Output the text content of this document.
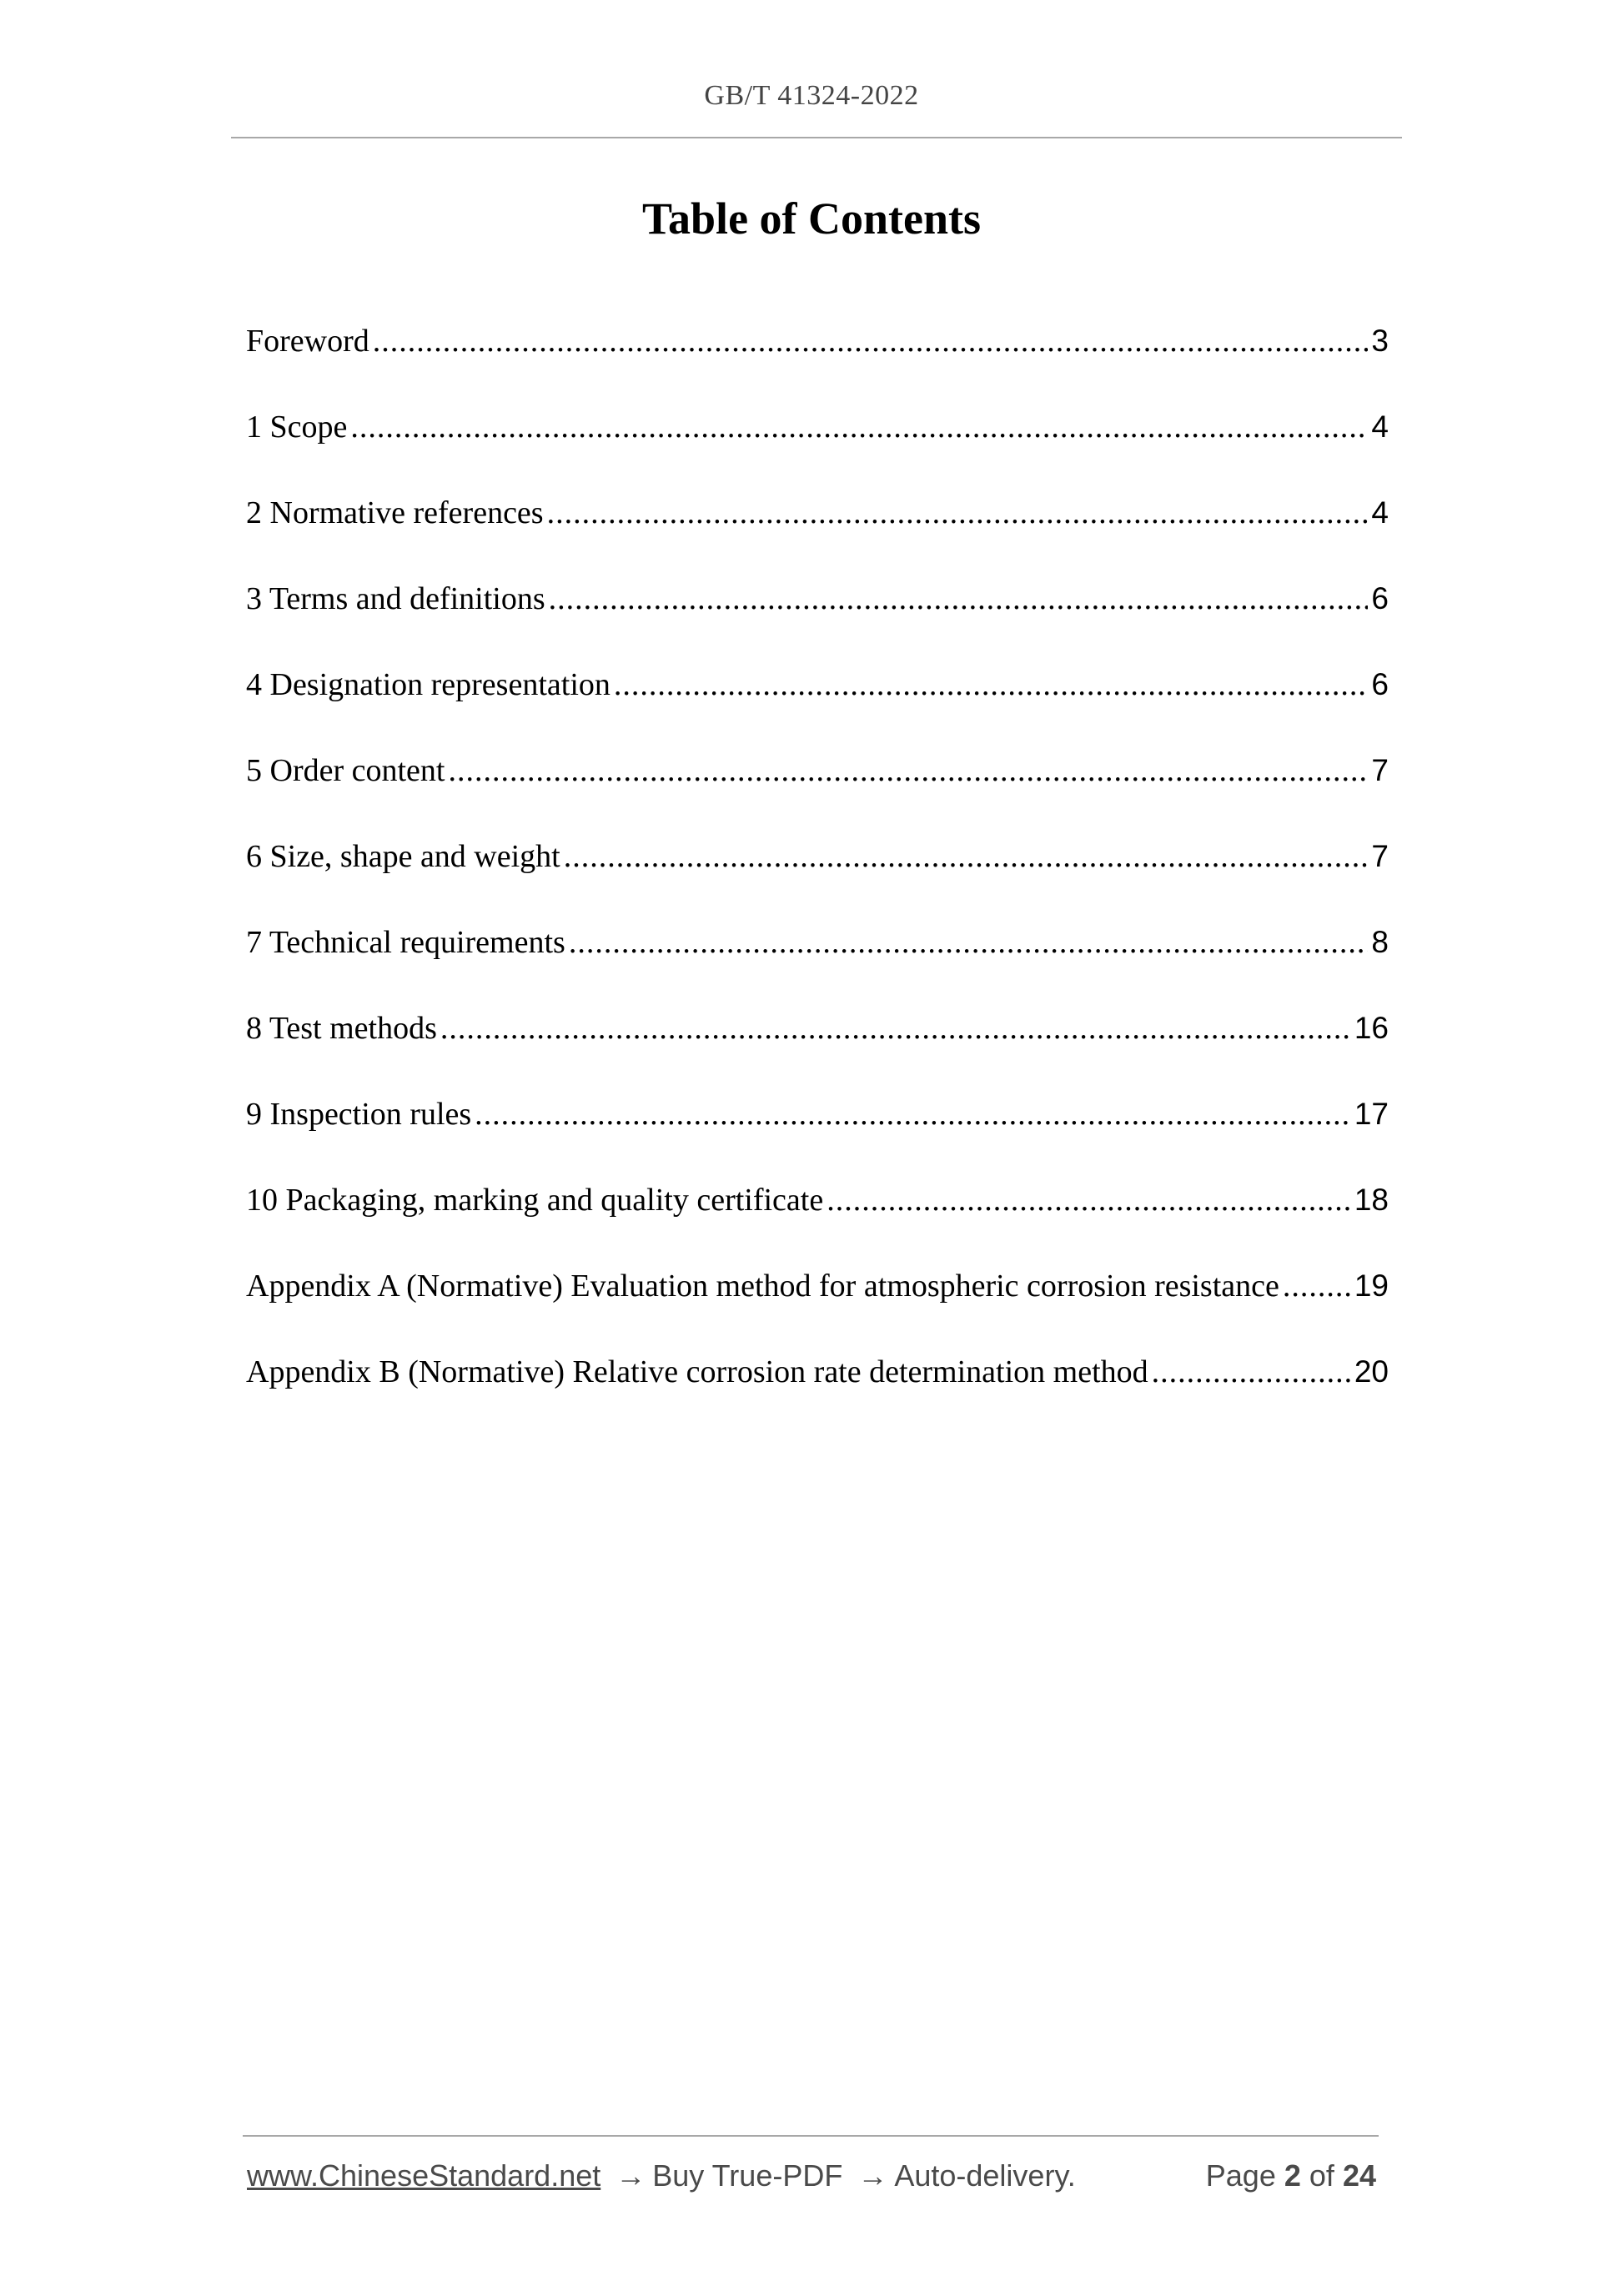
GB/T 41324-2022
Table of Contents
Foreword .....	3
1 Scope .....	4
2 Normative references .....	4
3 Terms and definitions .....	6
4 Designation representation .....	6
5 Order content .....	7
6 Size, shape and weight .....	7
7 Technical requirements .....	8
8 Test methods .....	16
9 Inspection rules .....	17
10 Packaging, marking and quality certificate .....	18
Appendix A (Normative) Evaluation method for atmospheric corrosion resistance ..... 19
Appendix B (Normative) Relative corrosion rate determination method .....	20
www.ChineseStandard.net → Buy True-PDF → Auto-delivery.	Page 2 of 24
